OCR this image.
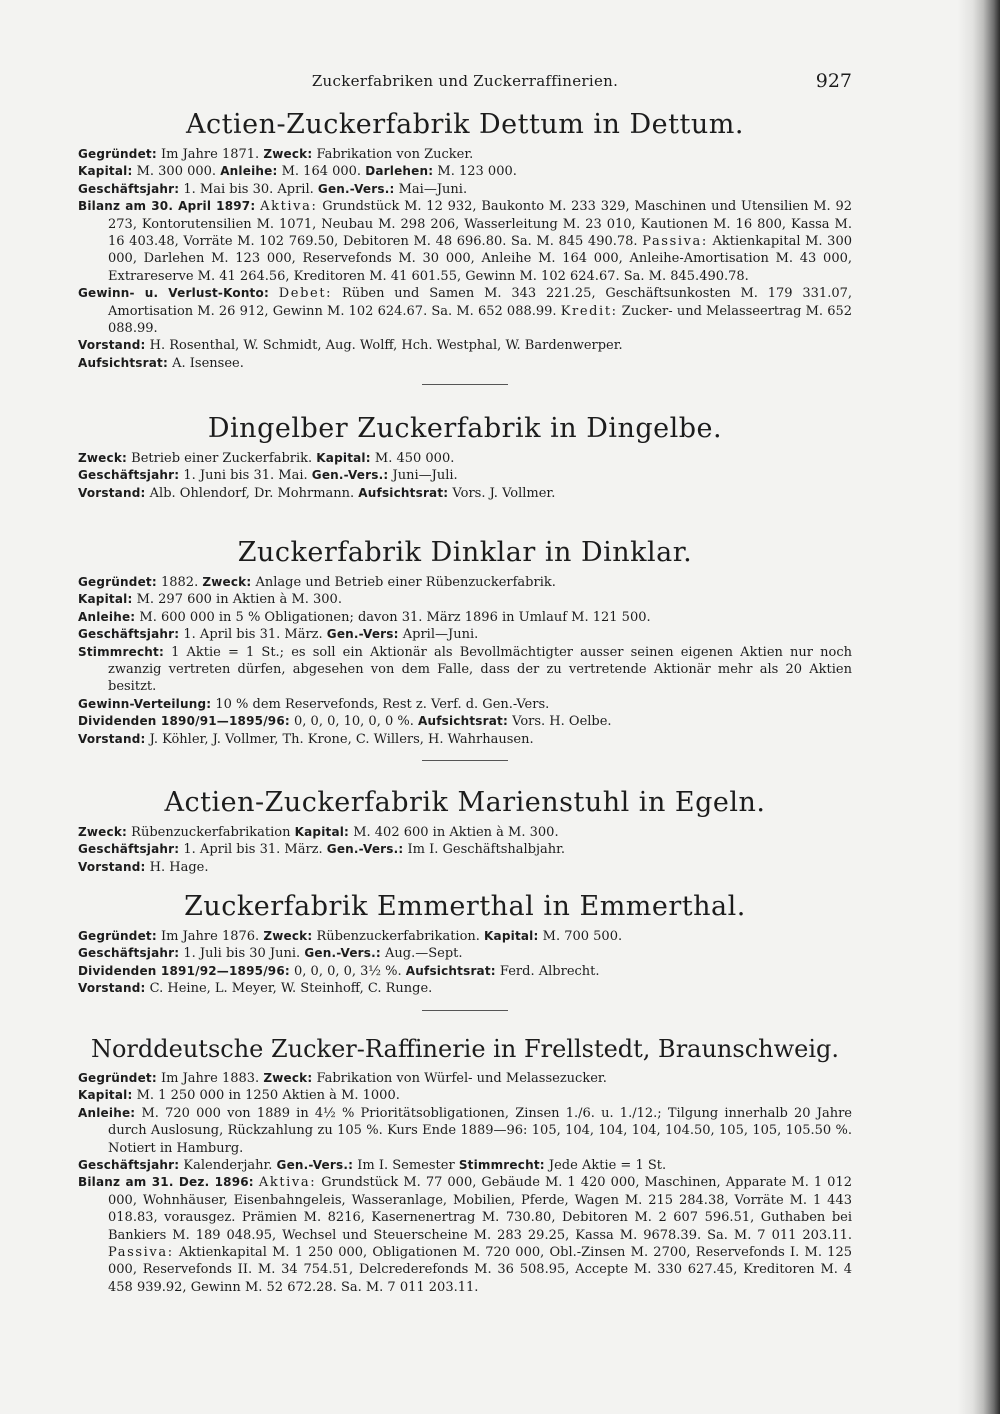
Zuckerfabriken und Zuckerraffinerien.	927
Actien-Zuckerfabrik Dettum in Dettum.

Gegründet: Im Jahre 1871. Zweck: Fabrikation von Zucker.

Kapital: M. 300 000. Anleihe: M. 164 000. Darlehen: M. 123 000.

Geschäftsjahr: 1. Mai bis 30. April. Gen.-Vers.: Mai—Juni.

Bilanz am 30. April 1897: Aktiva: Grundstück M. 12 932, Baukonto M. 233 329, Maschinen und Utensilien M. 92 273, Kontorutensilien M. 1071, Neubau M. 298 206, Wasserleitung M. 23 010, Kautionen M. 16 800, Kassa M. 16 403.48, Vorräte M. 102 769.50, Debitoren M. 48 696.80. Sa. M. 845 490.78. Passiva: Aktienkapital M. 300 000, Darlehen M. 123 000, Reservefonds M. 30 000, Anleihe M. 164 000, Anleihe-Amortisation M. 43 000, Extrareserve M. 41 264.56, Kreditoren M. 41 601.55, Gewinn M. 102 624.67. Sa. M. 845.490.78.

Gewinn- u. Verlust-Konto: Debet: Rüben und Samen M. 343 221.25, Geschäftsunkosten M. 179 331.07, Amortisation M. 26 912, Gewinn M. 102 624.67. Sa. M. 652 088.99. Kredit: Zucker- und Melasseertrag M. 652 088.99.

Vorstand: H. Rosenthal, W. Schmidt, Aug. Wolff, Hch. Westphal, W. Bardenwerper.

Aufsichtsrat: A. Isensee.

Dingelber Zuckerfabrik in Dingelbe.

Zweck: Betrieb einer Zuckerfabrik. Kapital: M. 450 000.

Geschäftsjahr: 1. Juni bis 31. Mai. Gen.-Vers.: Juni—Juli.

Vorstand: Alb. Ohlendorf, Dr. Mohrmann. Aufsichtsrat: Vors. J. Vollmer.

Zuckerfabrik Dinklar in Dinklar.

Gegründet: 1882. Zweck: Anlage und Betrieb einer Rübenzuckerfabrik.

Kapital: M. 297 600 in Aktien à M. 300.

Anleihe: M. 600 000 in 5 % Obligationen; davon 31. März 1896 in Umlauf M. 121 500.

Geschäftsjahr: 1. April bis 31. März. Gen.-Vers: April—Juni.

Stimmrecht: 1 Aktie = 1 St.; es soll ein Aktionär als Bevollmächtigter ausser seinen eigenen Aktien nur noch zwanzig vertreten dürfen, abgesehen von dem Falle, dass der zu vertretende Aktionär mehr als 20 Aktien besitzt.

Gewinn-Verteilung: 10 % dem Reservefonds, Rest z. Verf. d. Gen.-Vers.

Dividenden 1890/91—1895/96: 0, 0, 0, 10, 0, 0 %. Aufsichtsrat: Vors. H. Oelbe.

Vorstand: J. Köhler, J. Vollmer, Th. Krone, C. Willers, H. Wahrhausen.

Actien-Zuckerfabrik Marienstuhl in Egeln.

Zweck: Rübenzuckerfabrikation Kapital: M. 402 600 in Aktien à M. 300.

Geschäftsjahr: 1. April bis 31. März. Gen.-Vers.: Im I. Geschäftshalbjahr.

Vorstand: H. Hage.

Zuckerfabrik Emmerthal in Emmerthal.

Gegründet: Im Jahre 1876. Zweck: Rübenzuckerfabrikation. Kapital: M. 700 500.

Geschäftsjahr: 1. Juli bis 30 Juni. Gen.-Vers.: Aug.—Sept.

Dividenden 1891/92—1895/96: 0, 0, 0, 0, 3½ %. Aufsichtsrat: Ferd. Albrecht.

Vorstand: C. Heine, L. Meyer, W. Steinhoff, C. Runge.

Norddeutsche Zucker-Raffinerie in Frellstedt, Braunschweig.

Gegründet: Im Jahre 1883. Zweck: Fabrikation von Würfel- und Melassezucker.

Kapital: M. 1 250 000 in 1250 Aktien à M. 1000.

Anleihe: M. 720 000 von 1889 in 4½ % Prioritätsobligationen, Zinsen 1./6. u. 1./12.; Tilgung innerhalb 20 Jahre durch Auslosung, Rückzahlung zu 105 %. Kurs Ende 1889—96: 105, 104, 104, 104, 104.50, 105, 105, 105.50 %. Notiert in Hamburg.

Geschäftsjahr: Kalenderjahr. Gen.-Vers.: Im I. Semester Stimmrecht: Jede Aktie = 1 St.

Bilanz am 31. Dez. 1896: Aktiva: Grundstück M. 77 000, Gebäude M. 1 420 000, Maschinen, Apparate M. 1 012 000, Wohnhäuser, Eisenbahngeleis, Wasseranlage, Mobilien, Pferde, Wagen M. 215 284.38, Vorräte M. 1 443 018.83, vorausgez. Prämien M. 8216, Kasernenertrag M. 730.80, Debitoren M. 2 607 596.51, Guthaben bei Bankiers M. 189 048.95, Wechsel und Steuerscheine M. 283 29.25, Kassa M. 9678.39. Sa. M. 7 011 203.11. Passiva: Aktienkapital M. 1 250 000, Obligationen M. 720 000, Obl.-Zinsen M. 2700, Reservefonds I. M. 125 000, Reservefonds II. M. 34 754.51, Delcrederefonds M. 36 508.95, Accepte M. 330 627.45, Kreditoren M. 4 458 939.92, Gewinn M. 52 672.28. Sa. M. 7 011 203.11.
